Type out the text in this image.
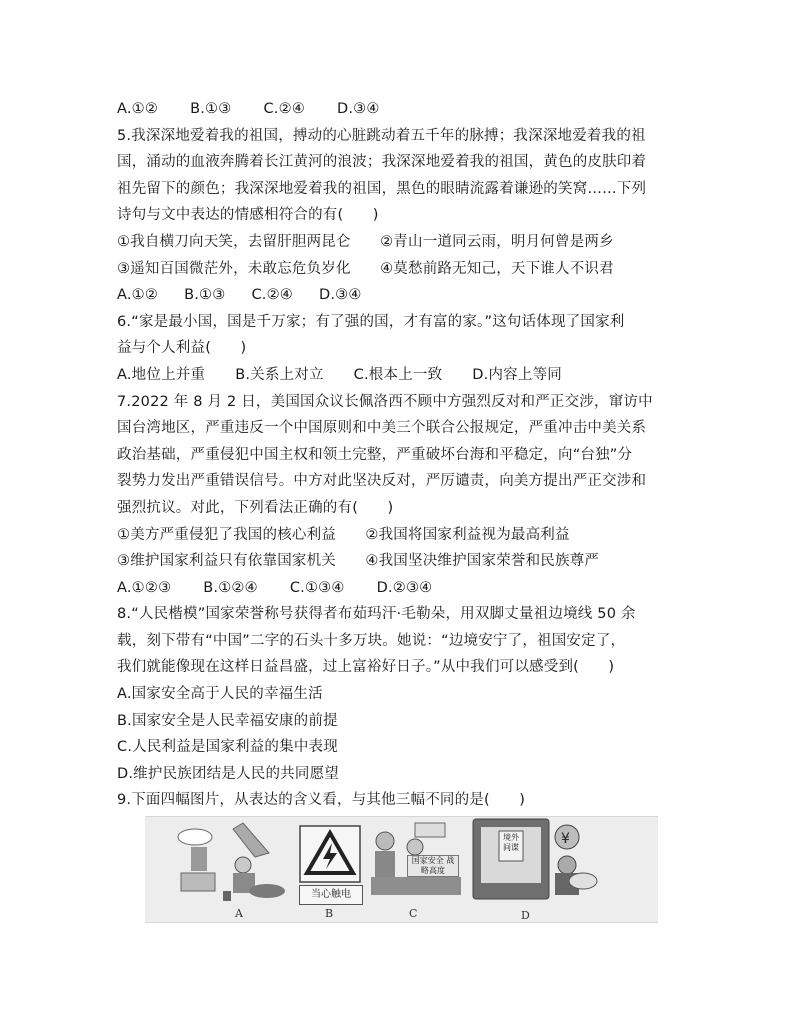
A.①② B.①③ C.②④ D.③④
5.我深深地爱着我的祖国，搏动的心脏跳动着五千年的脉搏；我深深地爱着我的祖
国，涌动的血液奔腾着长江黄河的浪波；我深深地爱着我的祖国，黄色的皮肤印着
祖先留下的颜色；我深深地爱着我的祖国，黑色的眼睛流露着谦逊的笑窝……下列
诗句与文中表达的情感相符合的有(　　)
①我自横刀向天笑，去留肝胆两昆仑　　②青山一道同云雨，明月何曾是两乡
③遥知百国微茫外，未敢忘危负岁化　　④莫愁前路无知己，天下谁人不识君
A.①② B.①③ C.②④ D.③④
6.“家是最小国，国是千万家；有了强的国，才有富的家。”这句话体现了国家利
益与个人利益(　　)
A.地位上并重 B.关系上对立 C.根本上一致 D.内容上等同
7.2022 年 8 月 2 日，美国国众议长佩洛西不顾中方强烈反对和严正交涉，窜访中
国台湾地区，严重违反一个中国原则和中美三个联合公报规定，严重冲击中美关系
政治基础，严重侵犯中国主权和领土完整，严重破坏台海和平稳定，向“台独”分
裂势力发出严重错误信号。中方对此坚决反对，严厉谴责，向美方提出严正交涉和
强烈抗议。对此，下列看法正确的有(　　)
①美方严重侵犯了我国的核心利益　　②我国将国家利益视为最高利益
③维护国家利益只有依靠国家机关　　④我国坚决维护国家荣誉和民族尊严
A.①②③ B.①②④ C.①③④ D.②③④
8.“人民楷模”国家荣誉称号获得者布茹玛汗·毛勒朵，用双脚丈量祖边境线 50 余
载，刻下带有“中国”二字的石头十多万块。她说：“边境安宁了，祖国安定了，
我们就能像现在这样日益昌盛，过上富裕好日子。”从中我们可以感受到(　　)
A.国家安全高于人民的幸福生活
B.国家安全是人民幸福安康的前提
C.人民利益是国家利益的集中表现
D.维护民族团结是人民的共同愿望
9.下面四幅图片，从表达的含义看，与其他三幅不同的是(　　)
A
当心触电
B
国家安全 战略高度
C
¥
境外 间谍
D
